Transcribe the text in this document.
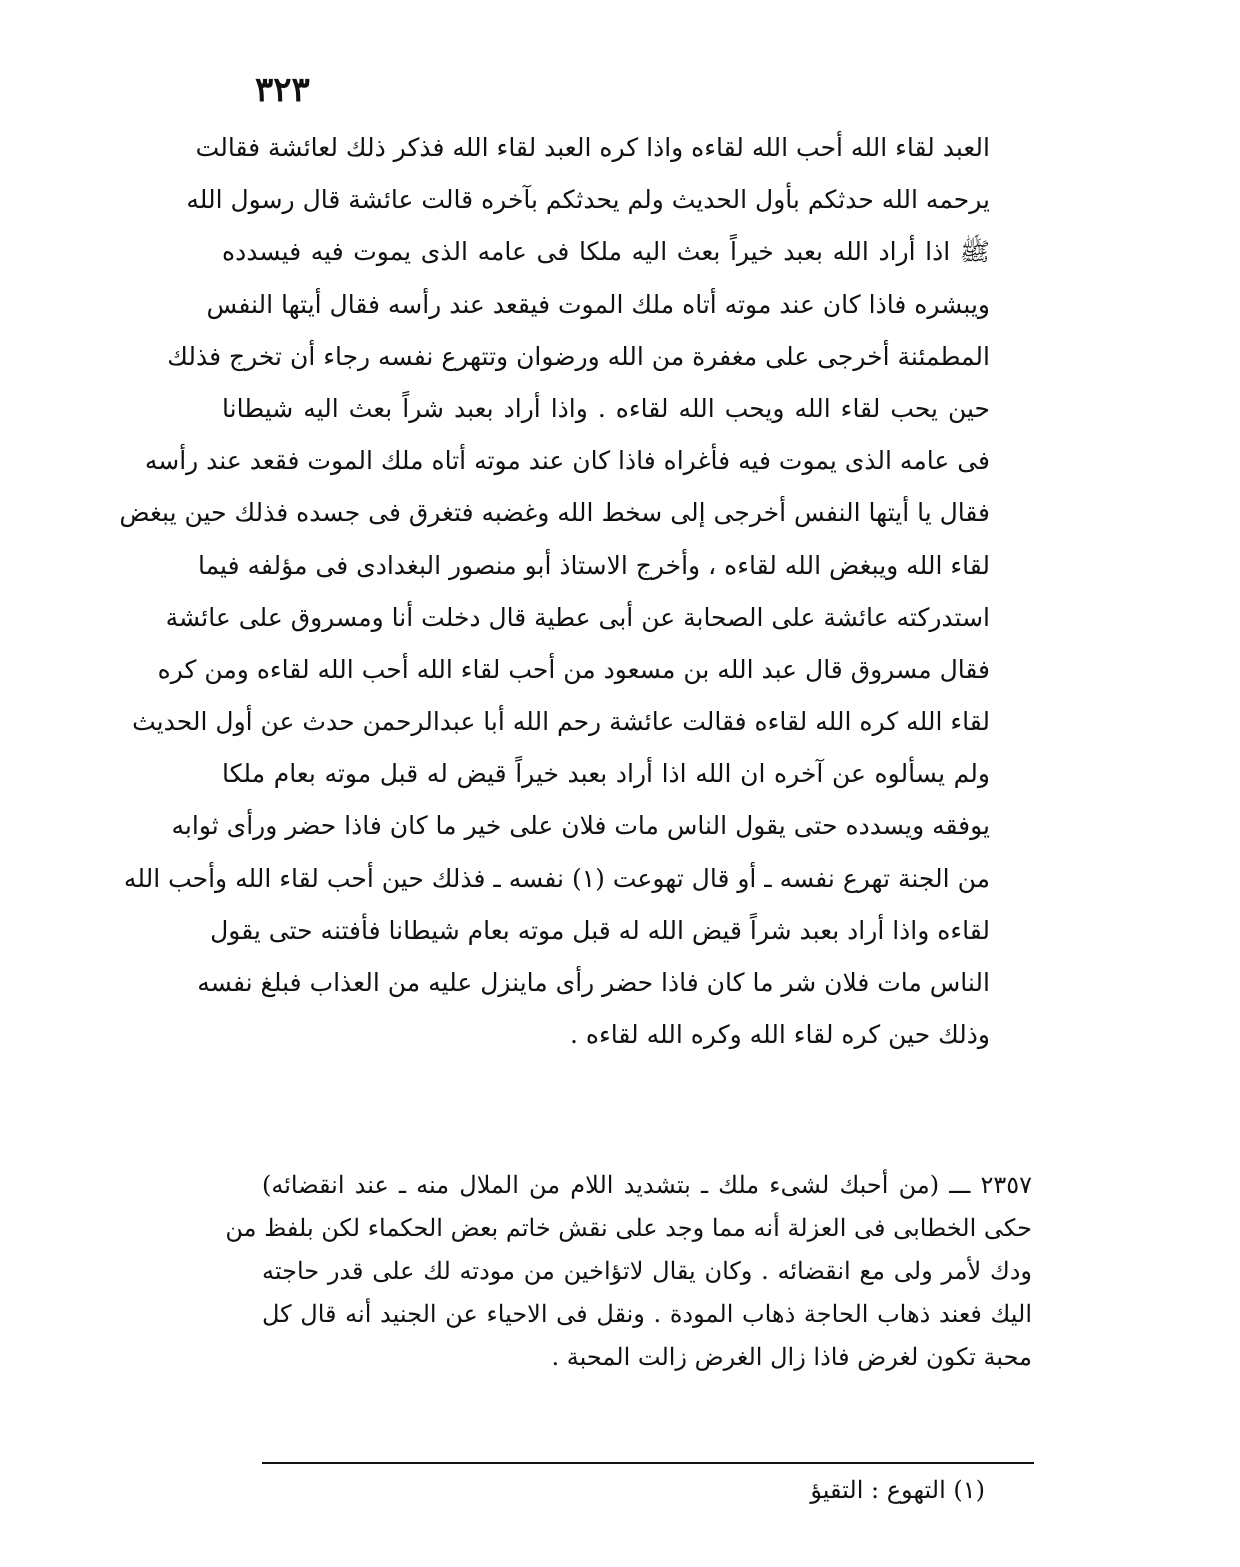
٣٢٣
العبد لقاء الله أحب الله لقاءه واذا كره العبد لقاء الله فذكر ذلك لعائشة فقالت
يرحمه الله حدثكم بأول الحديث ولم يحدثكم بآخره قالت عائشة قال رسول الله
ﷺ اذا أراد الله بعبد خيراً بعث اليه ملكا فى عامه الذى يموت فيه فيسدده
ويبشره فاذا كان عند موته أتاه ملك الموت فيقعد عند رأسه فقال أيتها النفس
المطمئنة أخرجى على مغفرة من الله ورضوان وتتهرع نفسه رجاء أن تخرج فذلك
حين يحب لقاء الله ويحب الله لقاءه . واذا أراد بعبد شراً بعث اليه شيطانا
فى عامه الذى يموت فيه فأغراه فاذا كان عند موته أتاه ملك الموت فقعد عند رأسه
فقال يا أيتها النفس أخرجى إلى سخط الله وغضبه فتغرق فى جسده فذلك حين يبغض
لقاء الله ويبغض الله لقاءه ، وأخرج الاستاذ أبو منصور البغدادى فى مؤلفه فيما
استدركته عائشة على الصحابة عن أبى عطية قال دخلت أنا ومسروق على عائشة
فقال مسروق قال عبد الله بن مسعود من أحب لقاء الله أحب الله لقاءه ومن كره
لقاء الله كره الله لقاءه فقالت عائشة رحم الله أبا عبدالرحمن حدث عن أول الحديث
ولم يسألوه عن آخره ان الله اذا أراد بعبد خيراً قيض له قبل موته بعام ملكا
يوفقه ويسدده حتى يقول الناس مات فلان على خير ما كان فاذا حضر ورأى ثوابه
من الجنة تهرع نفسه ـ أو قال تهوعت (١) نفسه ـ فذلك حين أحب لقاء الله وأحب الله
لقاءه واذا أراد بعبد شراً قيض الله له قبل موته بعام شيطانا فأفتنه حتى يقول
الناس مات فلان شر ما كان فاذا حضر رأى ماينزل عليه من العذاب فبلغ نفسه
وذلك حين كره لقاء الله وكره الله لقاءه .
٢٣٥٧ ـــ (من أحبك لشىء ملك ـ بتشديد اللام من الملال منه ـ عند انقضائه)
حكى الخطابى فى العزلة أنه مما وجد على نقش خاتم بعض الحكماء لكن بلفظ من
ودك لأمر ولى مع انقضائه . وكان يقال لاتؤاخين من مودته لك على قدر حاجته
اليك فعند ذهاب الحاجة ذهاب المودة . ونقل فى الاحياء عن الجنيد أنه قال كل
محبة تكون لغرض فاذا زال الغرض زالت المحبة .
(١) التهوع : التقيؤ
